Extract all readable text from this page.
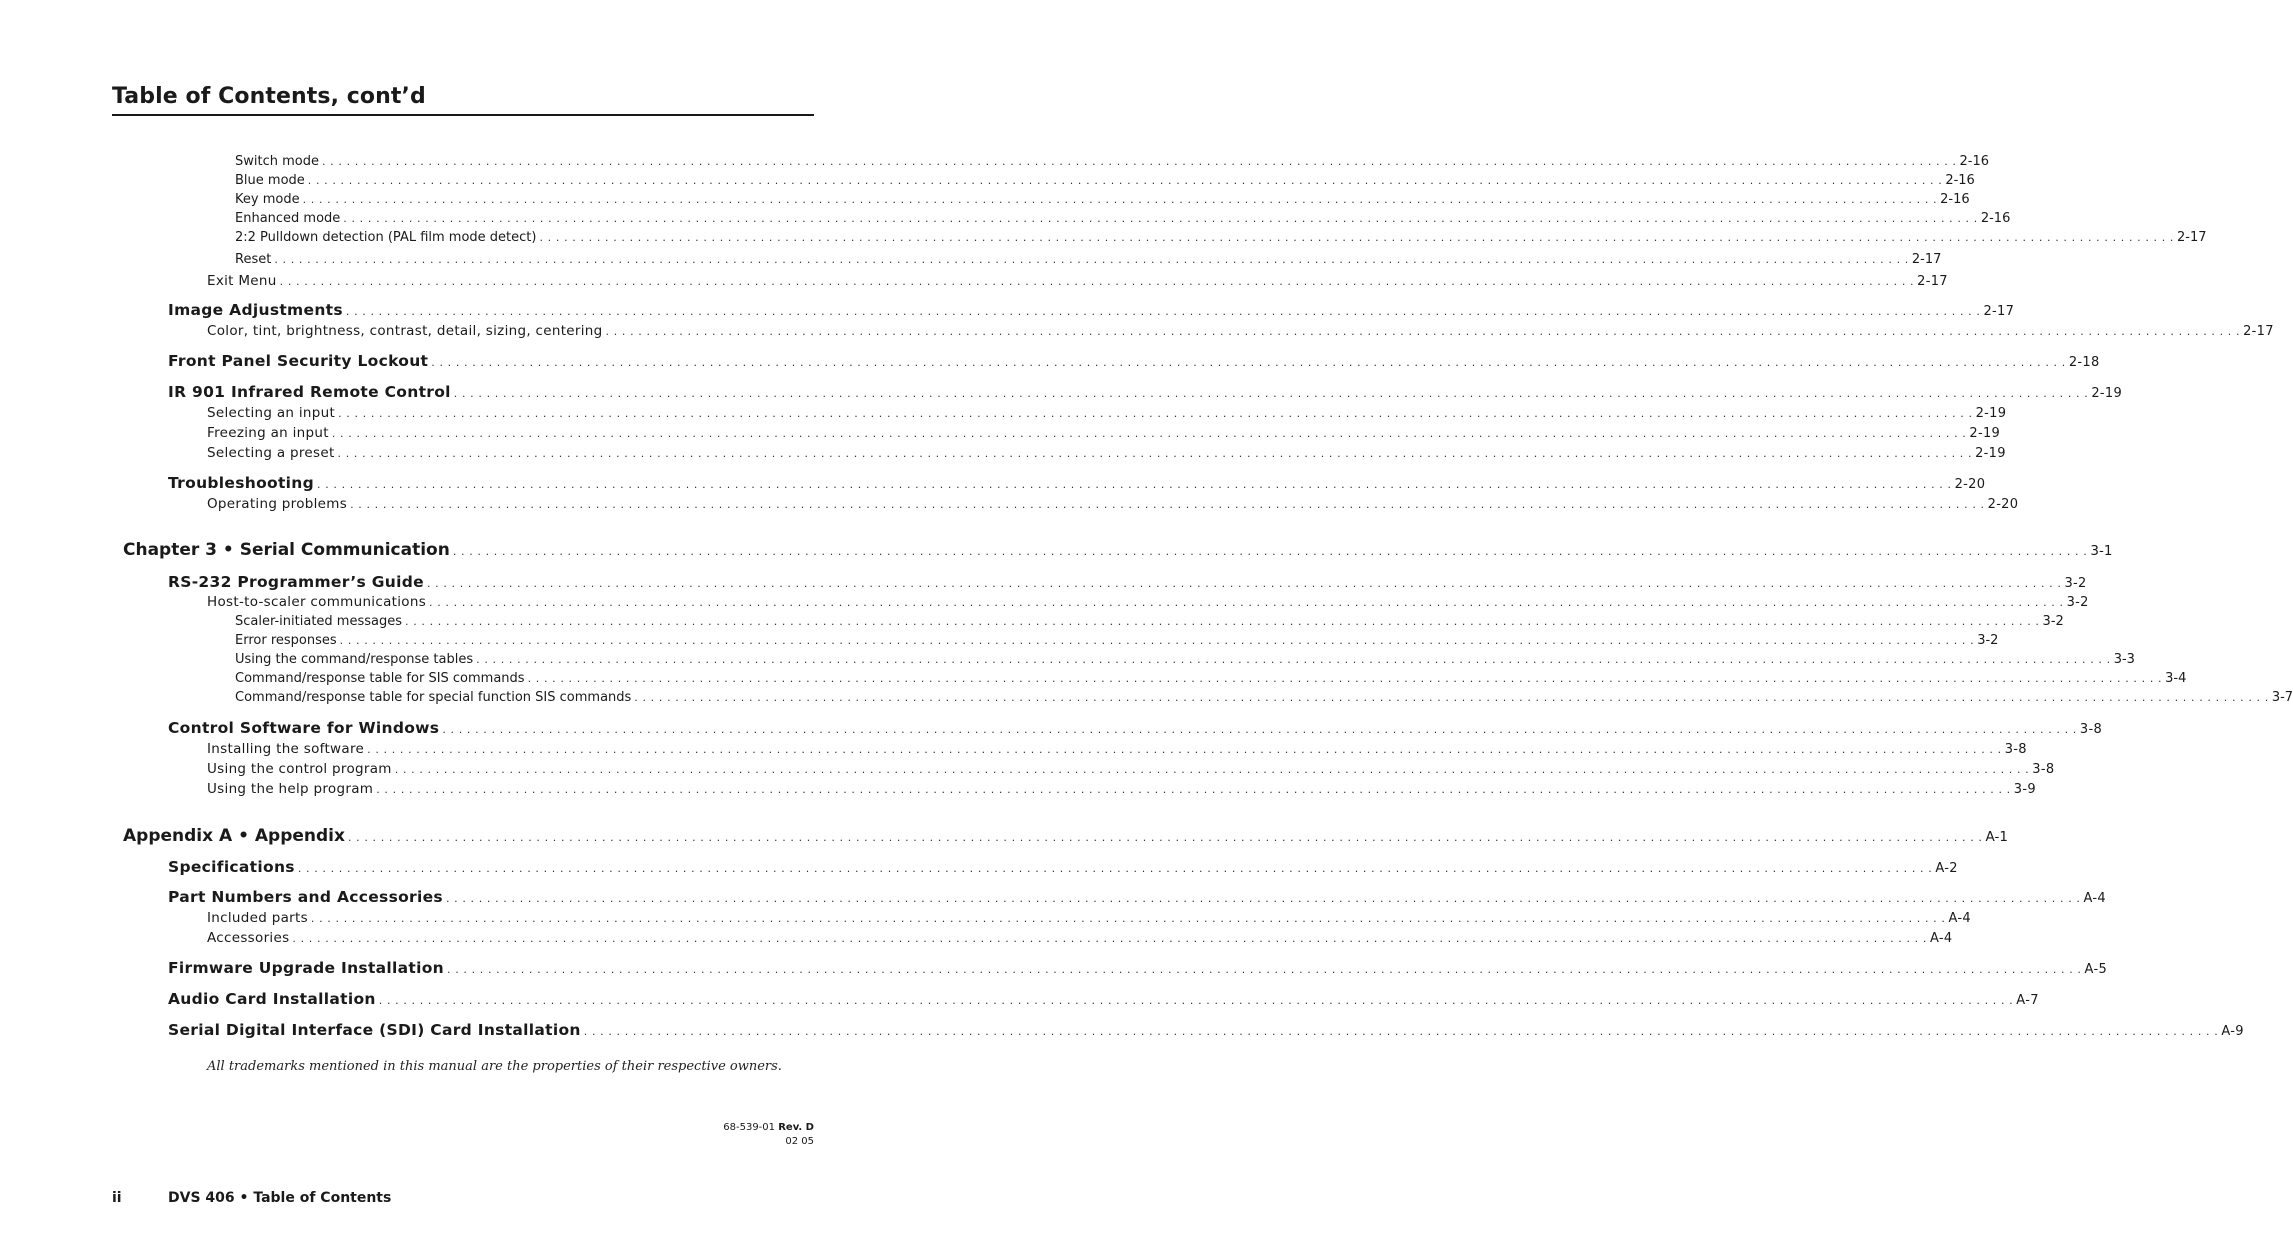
Table of Contents, cont’d
Switch mode . . . . . . . . . . . . . . . . . . . . . . . . . . . . . . . . . . . . . . . . . . . . . . . . . . . . . . . . . . . . . . . . . . . . . . . . . . . . . . . . . . . . . . . . . . . . . . . . . . . . . . . . . . . . . . . . . . . . . . . . . . . . . . . . . . . . . . . . . . . . . . . . . . . . . . . . . . . . . . . . . . . . . . . . . . . . . . . . . . . . . . . . . . . . . . . . . . . . . . . . 2-16
Blue mode . . . . . . . . . . . . . . . . . . . . . . . . . . . . . . . . . . . . . . . . . . . . . . . . . . . . . . . . . . . . . . . . . . . . . . . . . . . . . . . . . . . . . . . . . . . . . . . . . . . . . . . . . . . . . . . . . . . . . . . . . . . . . . . . . . . . . . . . . . . . . . . . . . . . . . . . . . . . . . . . . . . . . . . . . . . . . . . . . . . . . . . . . . . . . . . . . . . . . . . . 2-16
Key mode . . . . . . . . . . . . . . . . . . . . . . . . . . . . . . . . . . . . . . . . . . . . . . . . . . . . . . . . . . . . . . . . . . . . . . . . . . . . . . . . . . . . . . . . . . . . . . . . . . . . . . . . . . . . . . . . . . . . . . . . . . . . . . . . . . . . . . . . . . . . . . . . . . . . . . . . . . . . . . . . . . . . . . . . . . . . . . . . . . . . . . . . . . . . . . . . . . . . . . . . 2-16
Enhanced mode . . . . . . . . . . . . . . . . . . . . . . . . . . . . . . . . . . . . . . . . . . . . . . . . . . . . . . . . . . . . . . . . . . . . . . . . . . . . . . . . . . . . . . . . . . . . . . . . . . . . . . . . . . . . . . . . . . . . . . . . . . . . . . . . . . . . . . . . . . . . . . . . . . . . . . . . . . . . . . . . . . . . . . . . . . . . . . . . . . . . . . . . . . . . . . . . . . . . . . . . 2-16
2:2 Pulldown detection (PAL film mode detect) . . . . . . . . . . . . . . . . . . . . . . . . . . . . . . . . . . . . . . . . . . . . . . . . . . . . . . . . . . . . . . . . . . . . . . . . . . . . . . . . . . . . . . . . . . . . . . . . . . . . . . . . . . . . . . . . . . . . . . . . . . . . . . . . . . . . . . . . . . . . . . . . . . . . . . . . . . . . . . . . . . . . . . . . . . . . . . . . . . . . . . . . . . . . . . . . . . . . . . . . 2-17
Reset . . . . . . . . . . . . . . . . . . . . . . . . . . . . . . . . . . . . . . . . . . . . . . . . . . . . . . . . . . . . . . . . . . . . . . . . . . . . . . . . . . . . . . . . . . . . . . . . . . . . . . . . . . . . . . . . . . . . . . . . . . . . . . . . . . . . . . . . . . . . . . . . . . . . . . . . . . . . . . . . . . . . . . . . . . . . . . . . . . . . . . . . . . . . . . . . . . . . . . . . 2-17
Exit Menu . . . . . . . . . . . . . . . . . . . . . . . . . . . . . . . . . . . . . . . . . . . . . . . . . . . . . . . . . . . . . . . . . . . . . . . . . . . . . . . . . . . . . . . . . . . . . . . . . . . . . . . . . . . . . . . . . . . . . . . . . . . . . . . . . . . . . . . . . . . . . . . . . . . . . . . . . . . . . . . . . . . . . . . . . . . . . . . . . . . . . . . . . . . . . . . . . . . . . . . . 2-17
Image Adjustments . . . . . . . . . . . . . . . . . . . . . . . . . . . . . . . . . . . . . . . . . . . . . . . . . . . . . . . . . . . . . . . . . . . . . . . . . . . . . . . . . . . . . . . . . . . . . . . . . . . . . . . . . . . . . . . . . . . . . . . . . . . . . . . . . . . . . . . . . . . . . . . . . . . . . . . . . . . . . . . . . . . . . . . . . . . . . . . . . . . . . . . . . . . . . . . . . . . . . . . . 2-17
Color, tint, brightness, contrast, detail, sizing, centering . . . . . . . . . . . . . . . . . . . . . . . . . . . . . . . . . . . . . . . . . . . . . . . . . . . . . . . . . . . . . . . . . . . . . . . . . . . . . . . . . . . . . . . . . . . . . . . . . . . . . . . . . . . . . . . . . . . . . . . . . . . . . . . . . . . . . . . . . . . . . . . . . . . . . . . . . . . . . . . . . . . . . . . . . . . . . . . . . . . . . . . . . . . . . . . . . . . . . . . . 2-17
Front Panel Security Lockout . . . . . . . . . . . . . . . . . . . . . . . . . . . . . . . . . . . . . . . . . . . . . . . . . . . . . . . . . . . . . . . . . . . . . . . . . . . . . . . . . . . . . . . . . . . . . . . . . . . . . . . . . . . . . . . . . . . . . . . . . . . . . . . . . . . . . . . . . . . . . . . . . . . . . . . . . . . . . . . . . . . . . . . . . . . . . . . . . . . . . . . . . . . . . . . . . . . . . . . . 2-18
IR 901 Infrared Remote Control . . . . . . . . . . . . . . . . . . . . . . . . . . . . . . . . . . . . . . . . . . . . . . . . . . . . . . . . . . . . . . . . . . . . . . . . . . . . . . . . . . . . . . . . . . . . . . . . . . . . . . . . . . . . . . . . . . . . . . . . . . . . . . . . . . . . . . . . . . . . . . . . . . . . . . . . . . . . . . . . . . . . . . . . . . . . . . . . . . . . . . . . . . . . . . . . . . . . . . . . 2-19
Selecting an input . . . . . . . . . . . . . . . . . . . . . . . . . . . . . . . . . . . . . . . . . . . . . . . . . . . . . . . . . . . . . . . . . . . . . . . . . . . . . . . . . . . . . . . . . . . . . . . . . . . . . . . . . . . . . . . . . . . . . . . . . . . . . . . . . . . . . . . . . . . . . . . . . . . . . . . . . . . . . . . . . . . . . . . . . . . . . . . . . . . . . . . . . . . . . . . . . . . . . . . . 2-19
Freezing an input . . . . . . . . . . . . . . . . . . . . . . . . . . . . . . . . . . . . . . . . . . . . . . . . . . . . . . . . . . . . . . . . . . . . . . . . . . . . . . . . . . . . . . . . . . . . . . . . . . . . . . . . . . . . . . . . . . . . . . . . . . . . . . . . . . . . . . . . . . . . . . . . . . . . . . . . . . . . . . . . . . . . . . . . . . . . . . . . . . . . . . . . . . . . . . . . . . . . . . . . 2-19
Selecting a preset . . . . . . . . . . . . . . . . . . . . . . . . . . . . . . . . . . . . . . . . . . . . . . . . . . . . . . . . . . . . . . . . . . . . . . . . . . . . . . . . . . . . . . . . . . . . . . . . . . . . . . . . . . . . . . . . . . . . . . . . . . . . . . . . . . . . . . . . . . . . . . . . . . . . . . . . . . . . . . . . . . . . . . . . . . . . . . . . . . . . . . . . . . . . . . . . . . . . . . . . 2-19
Troubleshooting . . . . . . . . . . . . . . . . . . . . . . . . . . . . . . . . . . . . . . . . . . . . . . . . . . . . . . . . . . . . . . . . . . . . . . . . . . . . . . . . . . . . . . . . . . . . . . . . . . . . . . . . . . . . . . . . . . . . . . . . . . . . . . . . . . . . . . . . . . . . . . . . . . . . . . . . . . . . . . . . . . . . . . . . . . . . . . . . . . . . . . . . . . . . . . . . . . . . . . . . 2-20
Operating problems . . . . . . . . . . . . . . . . . . . . . . . . . . . . . . . . . . . . . . . . . . . . . . . . . . . . . . . . . . . . . . . . . . . . . . . . . . . . . . . . . . . . . . . . . . . . . . . . . . . . . . . . . . . . . . . . . . . . . . . . . . . . . . . . . . . . . . . . . . . . . . . . . . . . . . . . . . . . . . . . . . . . . . . . . . . . . . . . . . . . . . . . . . . . . . . . . . . . . . . . 2-20
Chapter 3 • Serial Communication . . . . . . . . . . . . . . . . . . . . . . . . . . . . . . . . . . . . . . . . . . . . . . . . . . . . . . . . . . . . . . . . . . . . . . . . . . . . . . . . . . . . . . . . . . . . . . . . . . . . . . . . . . . . . . . . . . . . . . . . . . . . . . . . . . . . . . . . . . . . . . . . . . . . . . . . . . . . . . . . . . . . . . . . . . . . . . . . . . . . . . . . . . . . . . . . . . . . . . . . 3-1
RS-232 Programmer’s Guide . . . . . . . . . . . . . . . . . . . . . . . . . . . . . . . . . . . . . . . . . . . . . . . . . . . . . . . . . . . . . . . . . . . . . . . . . . . . . . . . . . . . . . . . . . . . . . . . . . . . . . . . . . . . . . . . . . . . . . . . . . . . . . . . . . . . . . . . . . . . . . . . . . . . . . . . . . . . . . . . . . . . . . . . . . . . . . . . . . . . . . . . . . . . . . . . . . . . . . . . 3-2
Host-to-scaler communications . . . . . . . . . . . . . . . . . . . . . . . . . . . . . . . . . . . . . . . . . . . . . . . . . . . . . . . . . . . . . . . . . . . . . . . . . . . . . . . . . . . . . . . . . . . . . . . . . . . . . . . . . . . . . . . . . . . . . . . . . . . . . . . . . . . . . . . . . . . . . . . . . . . . . . . . . . . . . . . . . . . . . . . . . . . . . . . . . . . . . . . . . . . . . . . . . . . . . . . . 3-2
Scaler-initiated messages . . . . . . . . . . . . . . . . . . . . . . . . . . . . . . . . . . . . . . . . . . . . . . . . . . . . . . . . . . . . . . . . . . . . . . . . . . . . . . . . . . . . . . . . . . . . . . . . . . . . . . . . . . . . . . . . . . . . . . . . . . . . . . . . . . . . . . . . . . . . . . . . . . . . . . . . . . . . . . . . . . . . . . . . . . . . . . . . . . . . . . . . . . . . . . . . . . . . . . . . 3-2
Error responses . . . . . . . . . . . . . . . . . . . . . . . . . . . . . . . . . . . . . . . . . . . . . . . . . . . . . . . . . . . . . . . . . . . . . . . . . . . . . . . . . . . . . . . . . . . . . . . . . . . . . . . . . . . . . . . . . . . . . . . . . . . . . . . . . . . . . . . . . . . . . . . . . . . . . . . . . . . . . . . . . . . . . . . . . . . . . . . . . . . . . . . . . . . . . . . . . . . . . . . . 3-2
Using the command/response tables . . . . . . . . . . . . . . . . . . . . . . . . . . . . . . . . . . . . . . . . . . . . . . . . . . . . . . . . . . . . . . . . . . . . . . . . . . . . . . . . . . . . . . . . . . . . . . . . . . . . . . . . . . . . . . . . . . . . . . . . . . . . . . . . . . . . . . . . . . . . . . . . . . . . . . . . . . . . . . . . . . . . . . . . . . . . . . . . . . . . . . . . . . . . . . . . . . . . . . . . 3-3
Command/response table for SIS commands . . . . . . . . . . . . . . . . . . . . . . . . . . . . . . . . . . . . . . . . . . . . . . . . . . . . . . . . . . . . . . . . . . . . . . . . . . . . . . . . . . . . . . . . . . . . . . . . . . . . . . . . . . . . . . . . . . . . . . . . . . . . . . . . . . . . . . . . . . . . . . . . . . . . . . . . . . . . . . . . . . . . . . . . . . . . . . . . . . . . . . . . . . . . . . . . . . . . . . . . 3-4
Command/response table for special function SIS commands . . . . . . . . . . . . . . . . . . . . . . . . . . . . . . . . . . . . . . . . . . . . . . . . . . . . . . . . . . . . . . . . . . . . . . . . . . . . . . . . . . . . . . . . . . . . . . . . . . . . . . . . . . . . . . . . . . . . . . . . . . . . . . . . . . . . . . . . . . . . . . . . . . . . . . . . . . . . . . . . . . . . . . . . . . . . . . . . . . . . . . . . . . . . . . . . . . . . . . . . 3-7
Control Software for Windows . . . . . . . . . . . . . . . . . . . . . . . . . . . . . . . . . . . . . . . . . . . . . . . . . . . . . . . . . . . . . . . . . . . . . . . . . . . . . . . . . . . . . . . . . . . . . . . . . . . . . . . . . . . . . . . . . . . . . . . . . . . . . . . . . . . . . . . . . . . . . . . . . . . . . . . . . . . . . . . . . . . . . . . . . . . . . . . . . . . . . . . . . . . . . . . . . . . . . . . . 3-8
Installing the software . . . . . . . . . . . . . . . . . . . . . . . . . . . . . . . . . . . . . . . . . . . . . . . . . . . . . . . . . . . . . . . . . . . . . . . . . . . . . . . . . . . . . . . . . . . . . . . . . . . . . . . . . . . . . . . . . . . . . . . . . . . . . . . . . . . . . . . . . . . . . . . . . . . . . . . . . . . . . . . . . . . . . . . . . . . . . . . . . . . . . . . . . . . . . . . . . . . . . . . . 3-8
Using the control program . . . . . . . . . . . . . . . . . . . . . . . . . . . . . . . . . . . . . . . . . . . . . . . . . . . . . . . . . . . . . . . . . . . . . . . . . . . . . . . . . . . . . . . . . . . . . . . . . . . . . . . . . . . . . . . . . . . . . . . . . . . . . . . . . . . . . . . . . . . . . . . . . . . . . . . . . . . . . . . . . . . . . . . . . . . . . . . . . . . . . . . . . . . . . . . . . . . . . . . . 3-8
Using the help program . . . . . . . . . . . . . . . . . . . . . . . . . . . . . . . . . . . . . . . . . . . . . . . . . . . . . . . . . . . . . . . . . . . . . . . . . . . . . . . . . . . . . . . . . . . . . . . . . . . . . . . . . . . . . . . . . . . . . . . . . . . . . . . . . . . . . . . . . . . . . . . . . . . . . . . . . . . . . . . . . . . . . . . . . . . . . . . . . . . . . . . . . . . . . . . . . . . . . . . . 3-9
Appendix A • Appendix . . . . . . . . . . . . . . . . . . . . . . . . . . . . . . . . . . . . . . . . . . . . . . . . . . . . . . . . . . . . . . . . . . . . . . . . . . . . . . . . . . . . . . . . . . . . . . . . . . . . . . . . . . . . . . . . . . . . . . . . . . . . . . . . . . . . . . . . . . . . . . . . . . . . . . . . . . . . . . . . . . . . . . . . . . . . . . . . . . . . . . . . . . . . . . . . . . . . . . . . A-1
Specifications . . . . . . . . . . . . . . . . . . . . . . . . . . . . . . . . . . . . . . . . . . . . . . . . . . . . . . . . . . . . . . . . . . . . . . . . . . . . . . . . . . . . . . . . . . . . . . . . . . . . . . . . . . . . . . . . . . . . . . . . . . . . . . . . . . . . . . . . . . . . . . . . . . . . . . . . . . . . . . . . . . . . . . . . . . . . . . . . . . . . . . . . . . . . . . . . . . . . . . . . A-2
Part Numbers and Accessories . . . . . . . . . . . . . . . . . . . . . . . . . . . . . . . . . . . . . . . . . . . . . . . . . . . . . . . . . . . . . . . . . . . . . . . . . . . . . . . . . . . . . . . . . . . . . . . . . . . . . . . . . . . . . . . . . . . . . . . . . . . . . . . . . . . . . . . . . . . . . . . . . . . . . . . . . . . . . . . . . . . . . . . . . . . . . . . . . . . . . . . . . . . . . . . . . . . . . . . . A-4
Included parts . . . . . . . . . . . . . . . . . . . . . . . . . . . . . . . . . . . . . . . . . . . . . . . . . . . . . . . . . . . . . . . . . . . . . . . . . . . . . . . . . . . . . . . . . . . . . . . . . . . . . . . . . . . . . . . . . . . . . . . . . . . . . . . . . . . . . . . . . . . . . . . . . . . . . . . . . . . . . . . . . . . . . . . . . . . . . . . . . . . . . . . . . . . . . . . . . . . . . . . . A-4
Accessories . . . . . . . . . . . . . . . . . . . . . . . . . . . . . . . . . . . . . . . . . . . . . . . . . . . . . . . . . . . . . . . . . . . . . . . . . . . . . . . . . . . . . . . . . . . . . . . . . . . . . . . . . . . . . . . . . . . . . . . . . . . . . . . . . . . . . . . . . . . . . . . . . . . . . . . . . . . . . . . . . . . . . . . . . . . . . . . . . . . . . . . . . . . . . . . . . . . . . . . . A-4
Firmware Upgrade Installation . . . . . . . . . . . . . . . . . . . . . . . . . . . . . . . . . . . . . . . . . . . . . . . . . . . . . . . . . . . . . . . . . . . . . . . . . . . . . . . . . . . . . . . . . . . . . . . . . . . . . . . . . . . . . . . . . . . . . . . . . . . . . . . . . . . . . . . . . . . . . . . . . . . . . . . . . . . . . . . . . . . . . . . . . . . . . . . . . . . . . . . . . . . . . . . . . . . . . . . . A-5
Audio Card Installation . . . . . . . . . . . . . . . . . . . . . . . . . . . . . . . . . . . . . . . . . . . . . . . . . . . . . . . . . . . . . . . . . . . . . . . . . . . . . . . . . . . . . . . . . . . . . . . . . . . . . . . . . . . . . . . . . . . . . . . . . . . . . . . . . . . . . . . . . . . . . . . . . . . . . . . . . . . . . . . . . . . . . . . . . . . . . . . . . . . . . . . . . . . . . . . . . . . . . . . . A-7
Serial Digital Interface (SDI) Card Installation . . . . . . . . . . . . . . . . . . . . . . . . . . . . . . . . . . . . . . . . . . . . . . . . . . . . . . . . . . . . . . . . . . . . . . . . . . . . . . . . . . . . . . . . . . . . . . . . . . . . . . . . . . . . . . . . . . . . . . . . . . . . . . . . . . . . . . . . . . . . . . . . . . . . . . . . . . . . . . . . . . . . . . . . . . . . . . . . . . . . . . . . . . . . . . . . . . . . . . . . A-9

All trademarks mentioned in this manual are the properties of their respective owners.

68-539-01 Rev. D
02 05
ii	DVS 406 • Table of Contents
